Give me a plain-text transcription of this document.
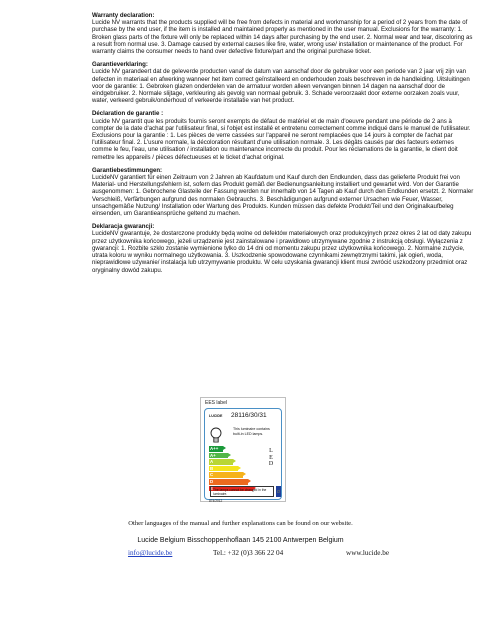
Warranty declaration:

Lucide NV warrants that the products supplied will be free from defects in material and workmanship for a period of 2 years from the date of purchase by the end user, if the item is installed and maintained properly as mentioned in the user manual. Exclusions for the warranty: 1. Broken glass parts of the fixture will only be replaced within 14 days after purchasing by the end user. 2. Normal wear and tear, discoloring as a result from normal use. 3. Damage caused by external causes like fire, water, wrong use/ installation or maintenance of the product. For warranty claims the consumer needs to hand over defective fixture/part and the original purchase ticket.

Garantieverklaring:

Lucide NV garandeert dat de geleverde producten vanaf de datum van aanschaf door de gebruiker voor een periode van 2 jaar vrij zijn van defecten in materiaal en afwerking wanneer het item correct geïnstalleerd en onderhouden zoals beschreven in de handleiding. Uitsluitingen voor de garantie: 1. Gebroken glazen onderdelen van de armatuur worden alleen vervangen binnen 14 dagen na aanschaf door de eindgebruiker. 2. Normale slijtage, verkleuring als gevolg van normaal gebruik. 3. Schade veroorzaakt door externe oorzaken zoals vuur, water, verkeerd gebruik/onderhoud of verkeerde installatie van het product.

Déclaration de garantie :

Lucide NV garantit que les produits fournis seront exempts de défaut de matériel et de main d'oeuvre pendant une période de 2 ans à compter de la date d'achat par l'utilisateur final, si l'objet est installé et entretenu correctement comme indiqué dans le manuel de l'utilisateur. Exclusions pour la garantie : 1. Les pièces de verre cassées sur l'appareil ne seront remplacées que 14 jours à compter de l'achat par l'utilisateur final. 2. L'usure normale, la décoloration résultant d'une utilisation normale. 3. Les dégâts causés par des facteurs externes comme le feu, l'eau, une utilisation / installation ou maintenance incorrecte du produit. Pour les réclamations de la garantie, le client doit remettre les appareils / pièces défectueuses et le ticket d'achat original.

Garantiebestimmungen:

LucideNV garantiert für einen Zeitraum von 2 Jahren ab Kaufdatum und Kauf durch den Endkunden, dass das gelieferte Produkt frei von Material- und Herstellungsfehlern ist, sofern das Produkt gemäß der Bedienungsanleitung installiert und gewartet wird. Von der Garantie ausgenommen: 1. Gebrochene Glasteile der Fassung werden nur innerhalb von 14 Tagen ab Kauf durch den Endkunden ersetzt. 2. Normaler Verschleiß, Verfärbungen aufgrund des normalen Gebrauchs. 3. Beschädigungen aufgrund externer Ursachen wie Feuer, Wasser, unsachgemäße Nutzung/ Installation oder Wartung des Produkts. Kunden müssen das defekte Produkt/Teil und den Originalkaufbeleg einsenden, um Garantieansprüche geltend zu machen.

Deklaracja gwarancji:

LucideNV gwarantuje, że dostarczone produkty będą wolne od defektów materiałowych oraz produkcyjnych przez okres 2 lat od daty zakupu przez użytkownika końcowego, jeżeli urządzenie jest zainstalowane i prawidłowo utrzymywane zgodnie z instrukcją obsługi. Wyłączenia z gwarancji: 1. Rozbite szkło zostanie wymienione tylko do 14 dni od momentu zakupu przez użytkownika końcowego. 2. Normalne zużycie, utrata koloru w wyniku normalnego użytkowania. 3. Uszkodzenie spowodowane czynnikami zewnętrznymi takimi, jak ogień, woda, nieprawidłowe używanie/ instalacja lub utrzymywanie produktu. W celu uzyskania gwarancji klient musi zwrócić uszkodzony przedmiot oraz oryginalny dowód zakupu.

EES label
LUCIDE 28116/30/31
This luminaire contains built-in LED lamps.
L
E
D
A++
A+
A
B
C
D
E The lamps cannot be changed in the luminaire.
874/2012
Other languages of the manual and further explanations can be found on our website.
Lucide Belgium Bisschoppenhoflaan 145 2100 Antwerpen Belgium
info@lucide.be	Tel.: +32 (0)3 366 22 04	www.lucide.be
